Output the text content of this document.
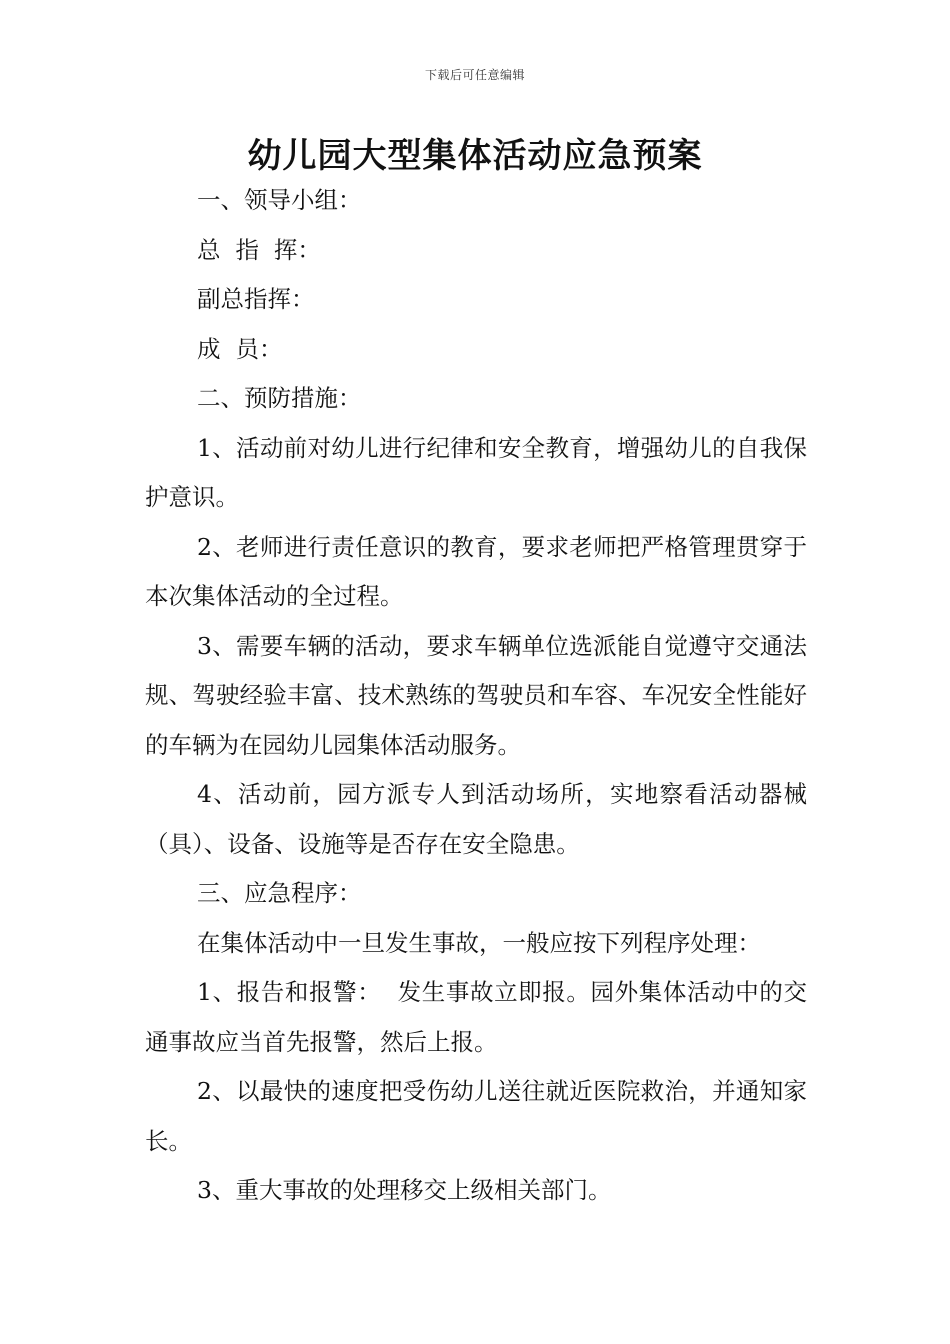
下载后可任意编辑
幼儿园大型集体活动应急预案

一、领导小组：

总  指  挥：

副总指挥：

成  员：

二、预防措施：

1、活动前对幼儿进行纪律和安全教育，增强幼儿的自我保护意识。

2、老师进行责任意识的教育，要求老师把严格管理贯穿于本次集体活动的全过程。

3、需要车辆的活动，要求车辆单位选派能自觉遵守交通法规、驾驶经验丰富、技术熟练的驾驶员和车容、车况安全性能好的车辆为在园幼儿园集体活动服务。

4、活动前，园方派专人到活动场所，实地察看活动器械（具）、设备、设施等是否存在安全隐患。

三、应急程序：

在集体活动中一旦发生事故，一般应按下列程序处理：

1、报告和报警：  发生事故立即报。园外集体活动中的交通事故应当首先报警，然后上报。

2、以最快的速度把受伤幼儿送往就近医院救治，并通知家长。

3、重大事故的处理移交上级相关部门。
